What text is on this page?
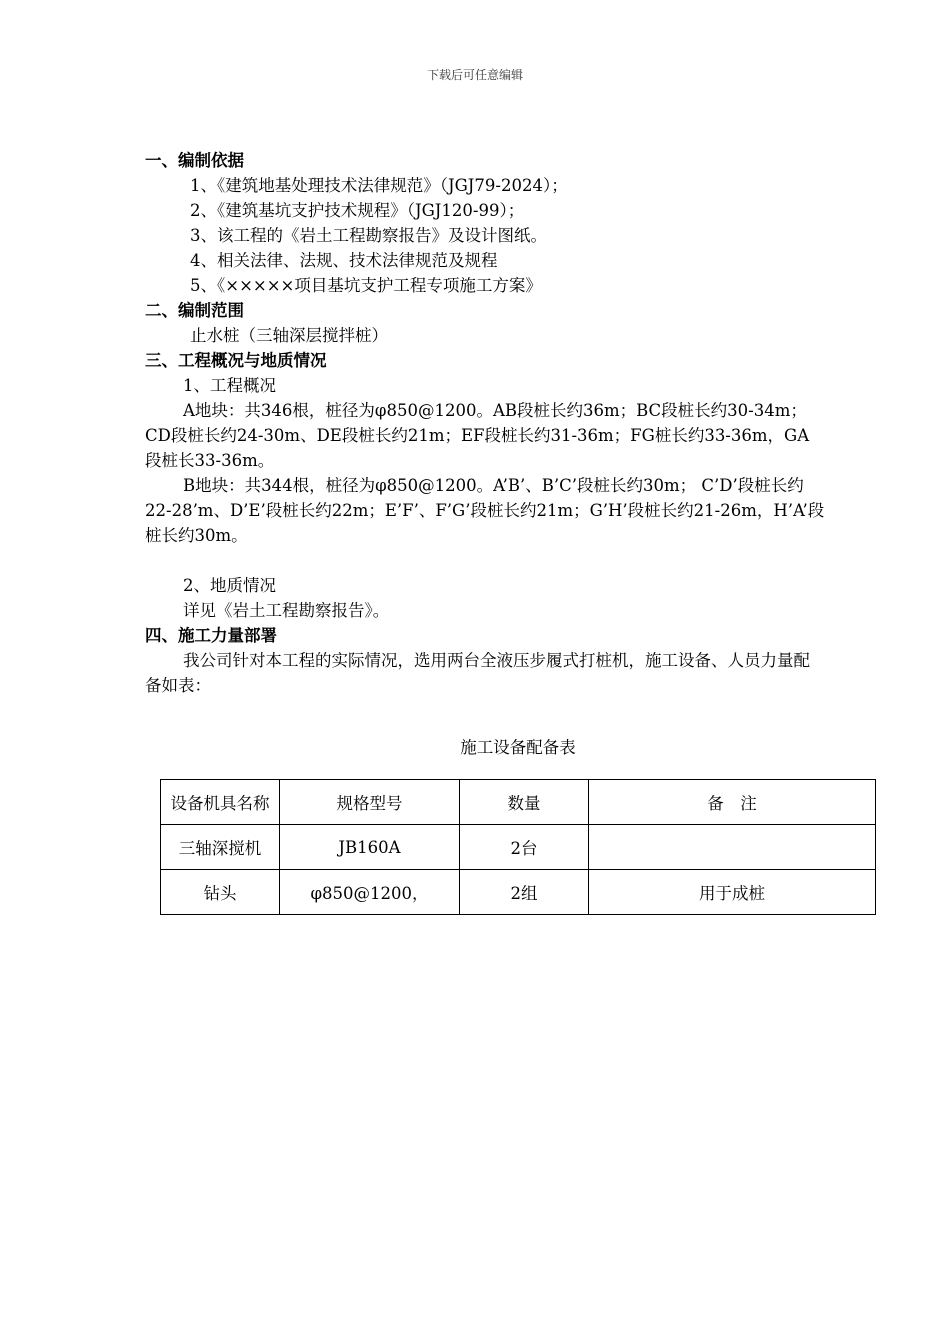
下载后可任意编辑

一、编制依据

1、《建筑地基处理技术法律规范》（JGJ79-2024）；

2、《建筑基坑支护技术规程》（JGJ120-99）；

3、该工程的《岩土工程勘察报告》及设计图纸。

4、相关法律、法规、技术法律规范及规程

5、《×××××项目基坑支护工程专项施工方案》

二、编制范围

止水桩（三轴深层搅拌桩）

三、工程概况与地质情况

1、工程概况

A地块：共346根，桩径为φ850@1200。AB段桩长约36m；BC段桩长约30-34m；CD段桩长约24-30m、DE段桩长约21m；EF段桩长约31-36m；FG桩长约33-36m，GA段桩长33-36m。

B地块：共344根，桩径为φ850@1200。A’B’、B’C’段桩长约30m； C’D’段桩长约22-28’m、D’E’段桩长约22m；E’F’、F’G’段桩长约21m；G’H’段桩长约21-26m，H’A’段桩长约30m。

2、地质情况

详见《岩土工程勘察报告》。

四、施工力量部署

我公司针对本工程的实际情况，选用两台全液压步履式打桩机，施工设备、人员力量配备如表：

施工设备配备表
设备机具名称	规格型号	数量	备　注
三轴深搅机	JB160A	2台	
钻头	φ850@1200，	2组	用于成桩
